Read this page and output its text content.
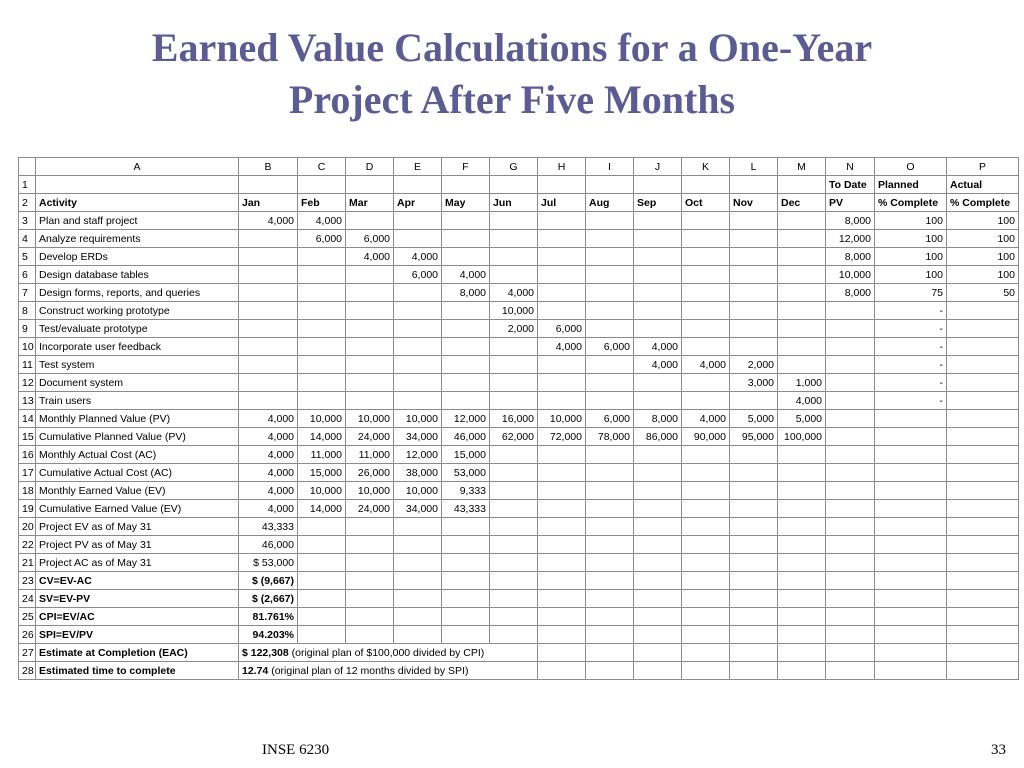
Earned Value Calculations for a One-Year
Project After Five Months
	A	B	C	D	E	F	G	H	I	J	K	L	M	N	O	P
1														To Date	Planned	Actual
2	Activity	Jan	Feb	Mar	Apr	May	Jun	Jul	Aug	Sep	Oct	Nov	Dec	PV	% Complete	% Complete
3	Plan and staff project	4,000	4,000											8,000	100	100
4	Analyze requirements		6,000	6,000										12,000	100	100
5	Develop ERDs			4,000	4,000									8,000	100	100
6	Design database tables				6,000	4,000								10,000	100	100
7	Design forms, reports, and queries					8,000	4,000							8,000	75	50
8	Construct working prototype						10,000								-	
9	Test/evaluate prototype						2,000	6,000							-	
10	Incorporate user feedback							4,000	6,000	4,000					-	
11	Test system									4,000	4,000	2,000			-	
12	Document system											3,000	1,000		-	
13	Train users												4,000		-	
14	Monthly Planned Value (PV)	4,000	10,000	10,000	10,000	12,000	16,000	10,000	6,000	8,000	4,000	5,000	5,000			
15	Cumulative Planned Value (PV)	4,000	14,000	24,000	34,000	46,000	62,000	72,000	78,000	86,000	90,000	95,000	100,000			
16	Monthly Actual Cost (AC)	4,000	11,000	11,000	12,000	15,000										
17	Cumulative Actual Cost (AC)	4,000	15,000	26,000	38,000	53,000										
18	Monthly Earned Value (EV)	4,000	10,000	10,000	10,000	9,333										
19	Cumulative Earned Value (EV)	4,000	14,000	24,000	34,000	43,333										
20	Project EV as of May 31	43,333														
22	Project PV as of May 31	46,000														
21	Project AC as of May 31	$ 53,000														
23	CV=EV-AC	$ (9,667)														
24	SV=EV-PV	$ (2,667)														
25	CPI=EV/AC	81.761%														
26	SPI=EV/PV	94.203%														
27	Estimate at Completion (EAC)	$ 122,308 (original plan of $100,000 divided by CPI)														
28	Estimated time to complete	12.74 (original plan of 12 months divided by SPI)														
INSE 6230	33
